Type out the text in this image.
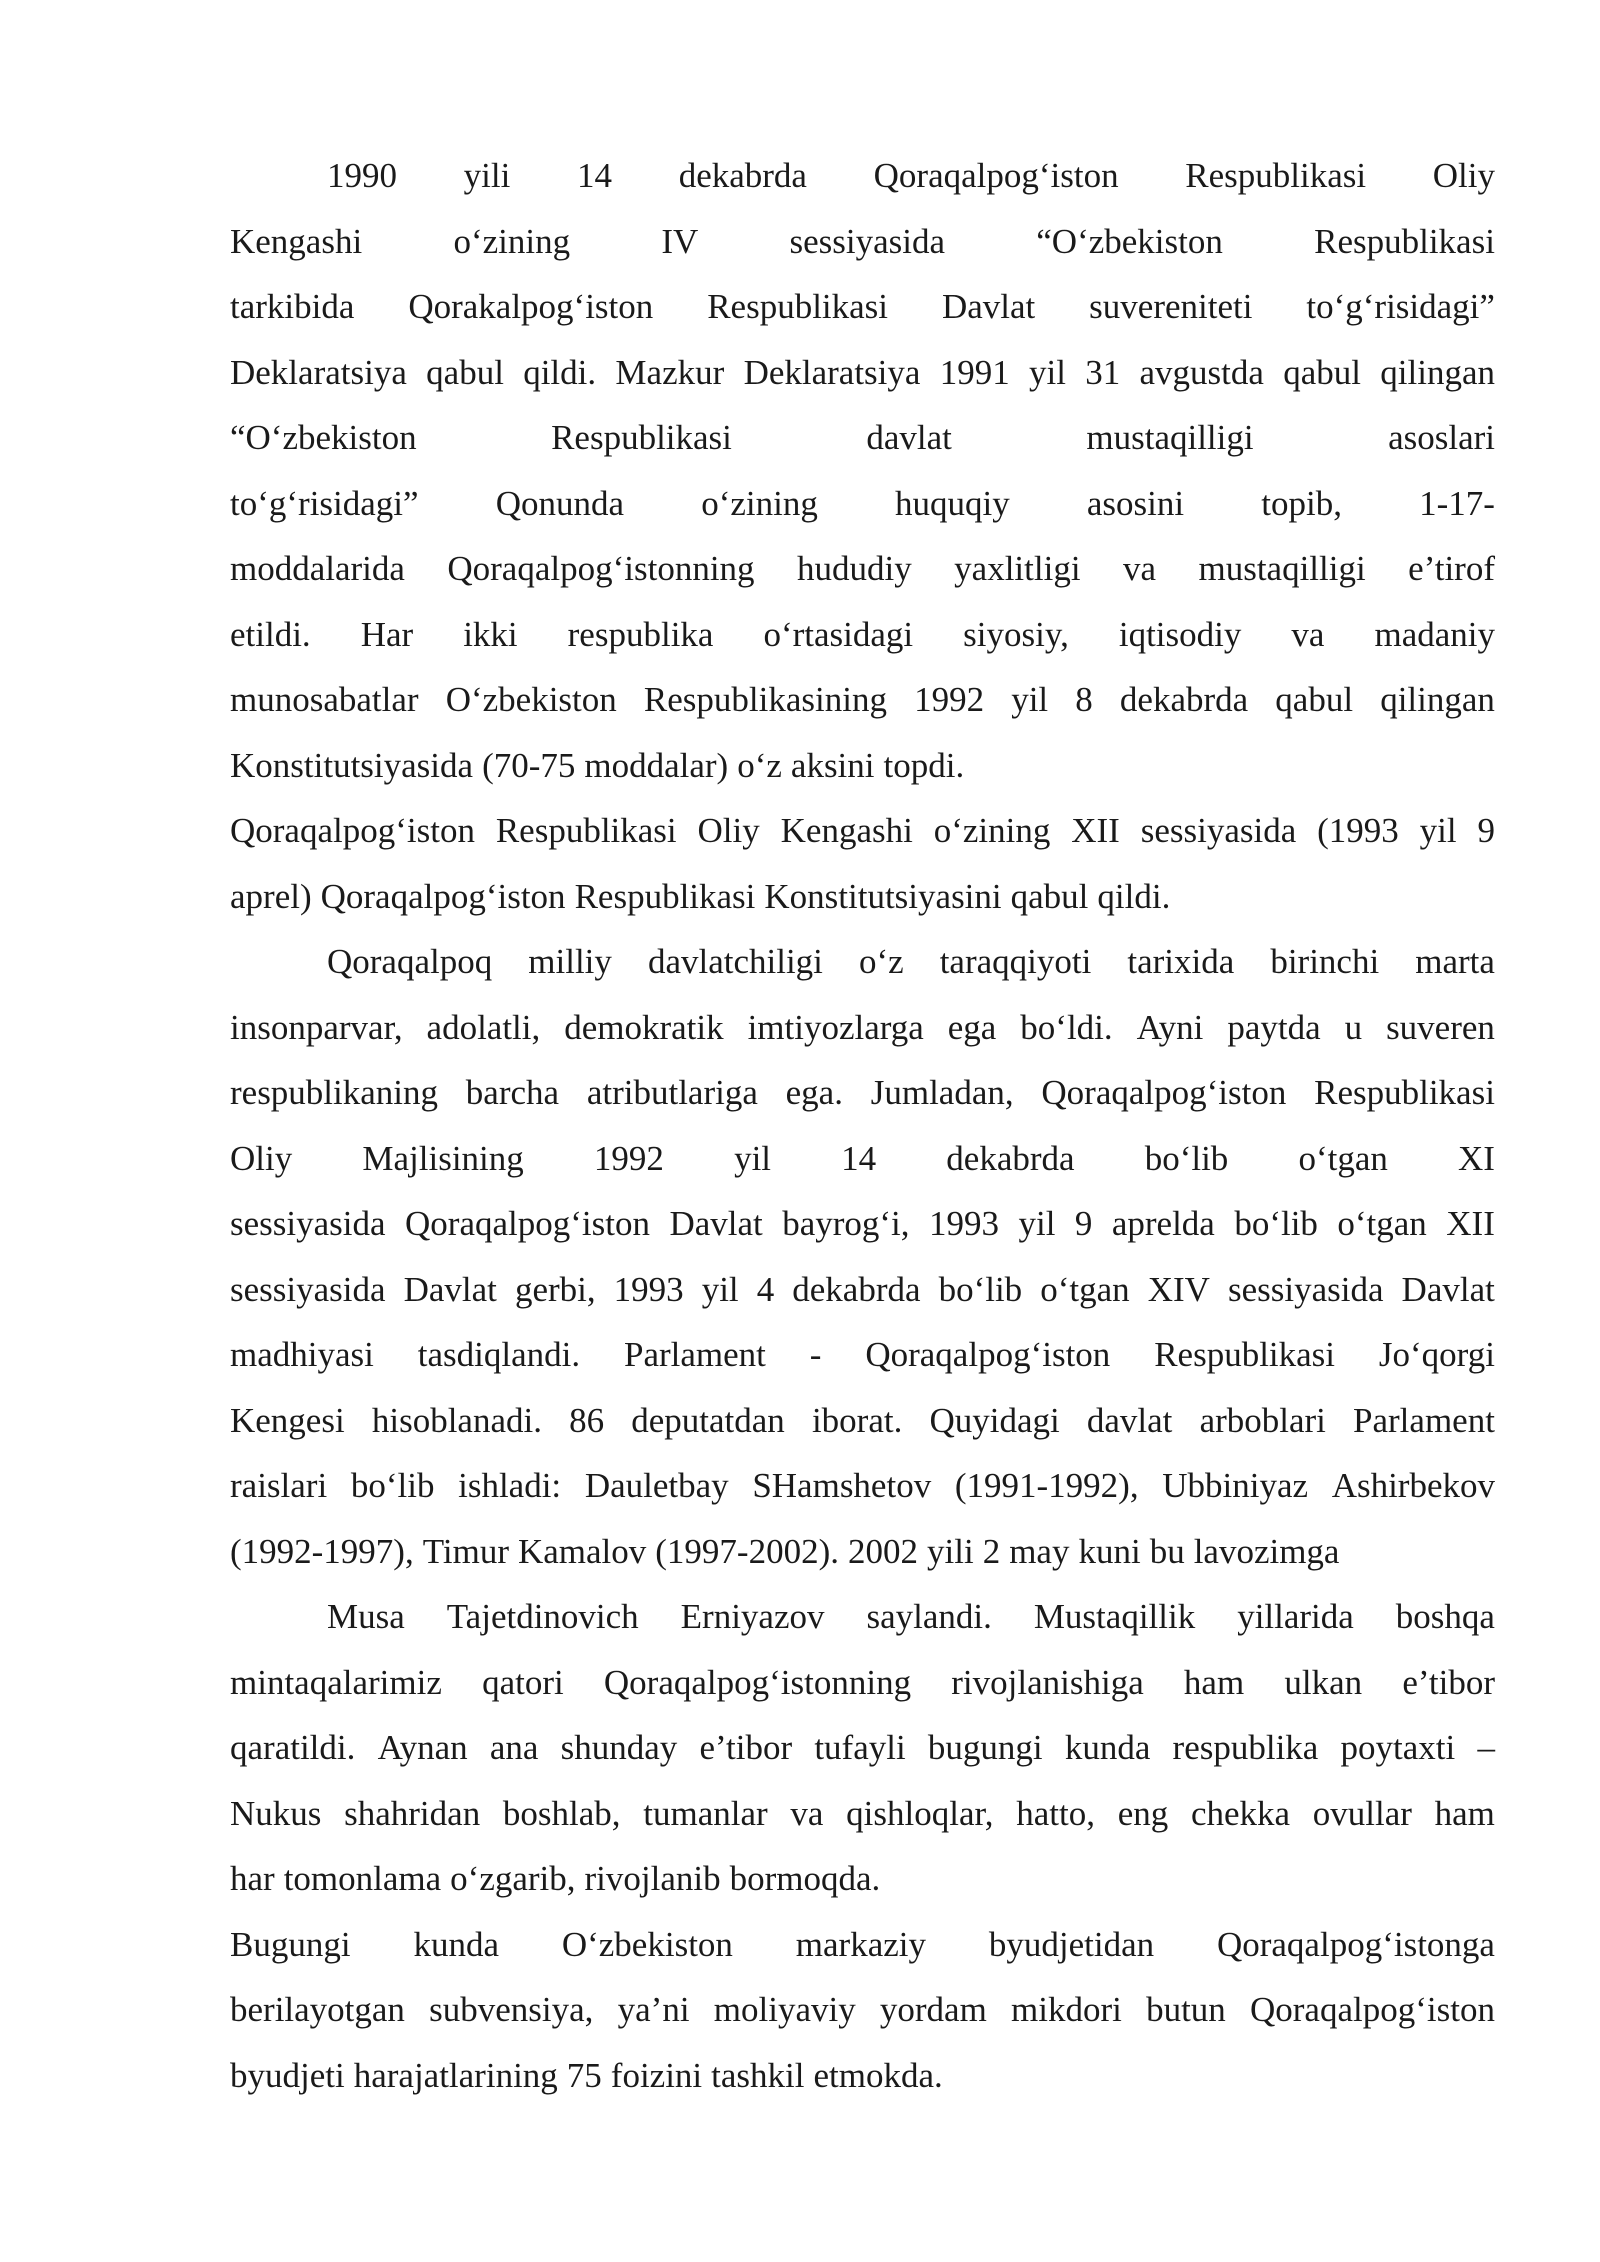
1990 yili 14 dekabrda Qoraqalpogʻiston Respublikasi Oliy
Kengashi	oʻzining	IV	sessiyasida	“Oʻzbekiston	Respublikasi
tarkibida Qorakalpogʻiston Respublikasi Davlat suvereniteti toʻgʻrisidagi”
Deklaratsiya qabul qildi. Mazkur Deklaratsiya 1991 yil 31 avgustda qabul qilingan
“Oʻzbekiston	Respublikasi	davlat	mustaqilligi	asoslari
toʻgʻrisidagi” Qonunda oʻzining huquqiy asosini topib, 1-17-
moddalarida Qoraqalpogʻistonning hududiy yaxlitligi va mustaqilligi e’tirof
etildi. Har ikki respublika oʻrtasidagi siyosiy, iqtisodiy va madaniy
munosabatlar Oʻzbekiston Respublikasining 1992 yil 8 dekabrda qabul qilingan
Konstitutsiyasida (70-75 moddalar) oʻz aksini topdi.
Qoraqalpogʻiston Respublikasi Oliy Kengashi oʻzining XII sessiyasida (1993 yil 9
aprel) Qoraqalpogʻiston Respublikasi Konstitutsiyasini qabul qildi.
Qoraqalpoq milliy davlatchiligi oʻz taraqqiyoti tarixida birinchi marta
insonparvar, adolatli, demokratik imtiyozlarga ega boʻldi. Ayni paytda u suveren
respublikaning barcha atributlariga ega. Jumladan, Qoraqalpogʻiston Respublikasi
Oliy Majlisining 1992 yil 14 dekabrda boʻlib oʻtgan XI
sessiyasida Qoraqalpogʻiston Davlat bayrogʻi, 1993 yil 9 aprelda boʻlib oʻtgan XII
sessiyasida Davlat gerbi, 1993 yil 4 dekabrda boʻlib oʻtgan XIV sessiyasida Davlat
madhiyasi tasdiqlandi. Parlament - Qoraqalpogʻiston Respublikasi Joʻqorgi
Kengesi hisoblanadi. 86 deputatdan iborat. Quyidagi davlat arboblari Parlament
raislari boʻlib ishladi: Dauletbay SHamshetov (1991-1992), Ubbiniyaz Ashirbekov
(1992-1997), Timur Kamalov (1997-2002). 2002 yili 2 may kuni bu lavozimga
Musa Tajetdinovich Erniyazov saylandi. Mustaqillik yillarida boshqa
mintaqalarimiz qatori Qoraqalpogʻistonning rivojlanishiga ham ulkan e’tibor
qaratildi. Aynan ana shunday e’tibor tufayli bugungi kunda respublika poytaxti –
Nukus shahridan boshlab, tumanlar va qishloqlar, hatto, eng chekka ovullar ham
har tomonlama oʻzgarib, rivojlanib bormoqda.
Bugungi kunda Oʻzbekiston markaziy byudjetidan Qoraqalpogʻistonga
berilayotgan subvensiya, ya’ni moliyaviy yordam mikdori butun Qoraqalpogʻiston
byudjeti harajatlarining 75 foizini tashkil etmokda.
